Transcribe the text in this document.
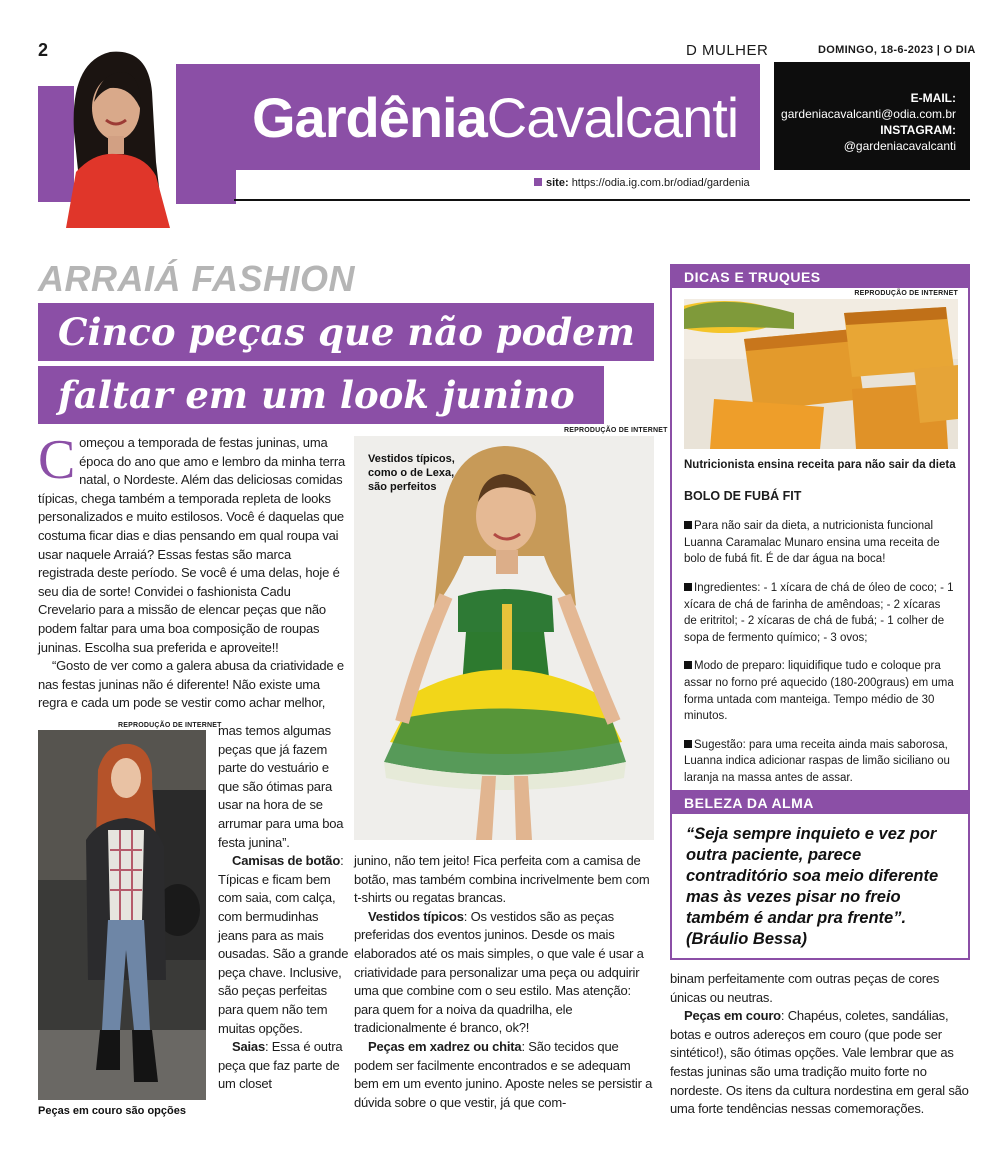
2	D MULHER	DOMINGO, 18-6-2023 | O DIA
Gardênia Cavalcanti	E-MAIL:
gardeniacavalcanti@odia.com.br
INSTAGRAM:
@gardeniacavalcanti
site: https://odia.ig.com.br/odiad/gardenia
ARRAIÁ FASHION
Cinco peças que não podem
faltar em um look junino

Começou a temporada de festas juninas, uma época do ano que amo e lembro da minha terra natal, o Nordeste. Além das deliciosas comidas típicas, chega também a temporada repleta de looks personalizados e muito estilosos. Você é daquelas que costuma ficar dias e dias pensando em qual roupa vai usar naquele Arraiá? Essas festas são marca registrada deste período. Se você é uma delas, hoje é seu dia de sorte! Convidei o fashionista Cadu Crevelario para a missão de elencar peças que não podem faltar para uma boa composição de roupas juninas. Escolha sua preferida e aproveite!!

“Gosto de ver como a galera abusa da criatividade e nas festas juninas não é diferente! Não existe uma regra e cada um pode se vestir como achar melhor,

REPRODUÇÃO DE INTERNET
Peças em couro são opções

mas temos algumas peças que já fazem parte do vestuário e que são ótimas para usar na hora de se arrumar para uma boa festa junina”.

Camisas de botão: Típicas e ficam bem com saia, com calça, com bermudinhas jeans para as mais ousadas. São a grande peça chave. Inclusive, são peças perfeitas para quem não tem muitas opções.

Saias: Essa é outra peça que faz parte de um closet

REPRODUÇÃO DE INTERNET
Vestidos típicos, como o de Lexa, são perfeitos

junino, não tem jeito! Fica perfeita com a camisa de botão, mas também combina incrivelmente bem com t-shirts ou regatas brancas.

Vestidos típicos: Os vestidos são as peças preferidas dos eventos juninos. Desde os mais elaborados até os mais simples, o que vale é usar a criatividade para personalizar uma peça ou adquirir uma que combine com o seu estilo. Mas atenção: para quem for a noiva da quadrilha, ele tradicionalmente é branco, ok?!

Peças em xadrez ou chita: São tecidos que podem ser facilmente encontrados e se adequam bem em um evento junino. Aposte neles se persistir a dúvida sobre o que vestir, já que com-

DICAS E TRUQUES
REPRODUÇÃO DE INTERNET

Nutricionista ensina receita para não sair da dieta

BOLO DE FUBÁ FIT

Para não sair da dieta, a nutricionista funcional Luanna Caramalac Munaro ensina uma receita de bolo de fubá fit. É de dar água na boca!

Ingredientes: - 1 xícara de chá de óleo de coco; - 1 xícara de chá de farinha de amêndoas; - 2 xícaras de eritritol; - 2 xícaras de chá de fubá; - 1 colher de sopa de fermento químico; - 3 ovos;

Modo de preparo: liquidifique tudo e coloque pra assar no forno pré aquecido (180-200graus) em uma forma untada com manteiga. Tempo médio de 30 minutos.

Sugestão: para uma receita ainda mais saborosa, Luanna indica adicionar raspas de limão siciliano ou laranja na massa antes de assar.

BELEZA DA ALMA
“Seja sempre inquieto e vez por outra paciente, parece contraditório soa meio diferente mas às vezes pisar no freio também é andar pra frente”. (Bráulio Bessa)

binam perfeitamente com outras peças de cores únicas ou neutras.

Peças em couro: Chapéus, coletes, sandálias, botas e outros adereços em couro (que pode ser sintético!), são ótimas opções. Vale lembrar que as festas juninas são uma tradição muito forte no nordeste. Os itens da cultura nordestina em geral são uma forte tendências nessas comemorações.
